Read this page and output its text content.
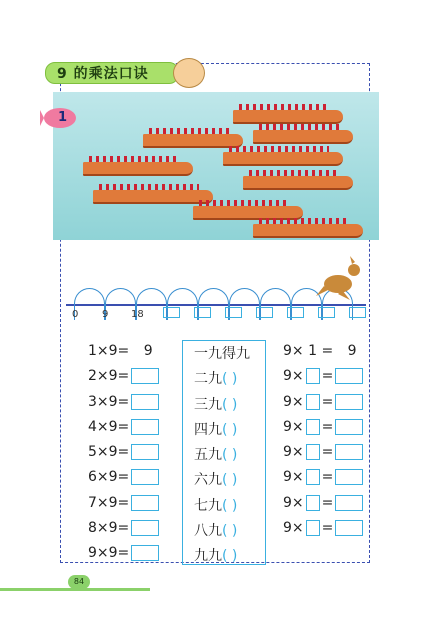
9 的乘法口诀
1
0 9 18
1×9= 9
2×9=
3×9=
4×9=
5×9=
6×9=
7×9=
8×9=
9×9=
一九得九
二九( )
三九( )
四九( )
五九( )
六九( )
七九( )
八九( )
九九( )
9× 1 = 9
9× =
9× =
9× =
9× =
9× =
9× =
9× =
84
